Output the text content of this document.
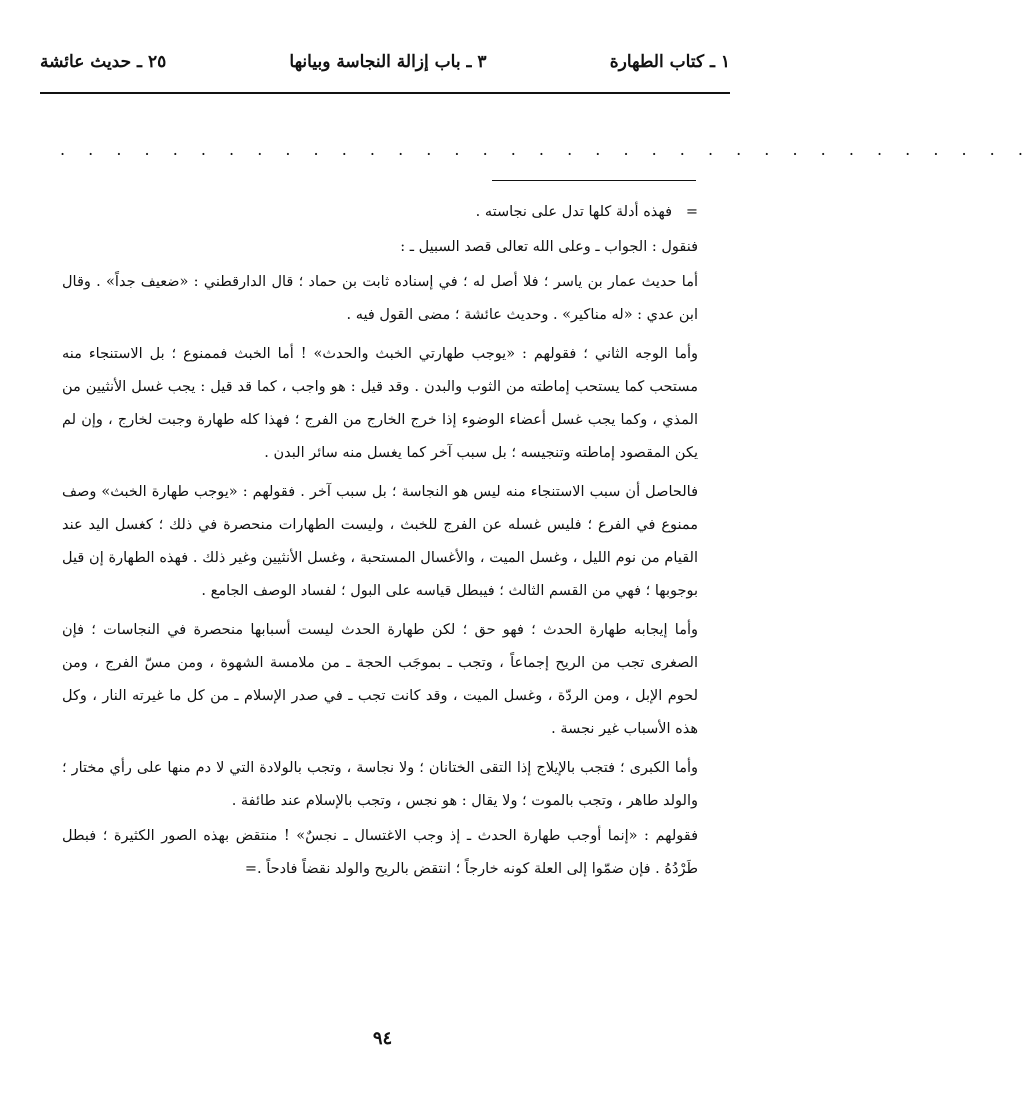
١ ـ كتاب الطهارة
٣ ـ باب إزالة النجاسة وبيانها
٢٥ ـ حديث عائشة
. . . . . . . . . . . . . . . . . . . . . . . . . . . . . . . . . . .

=   فهذه أدلة كلها تدل على نجاسته .

فنقول : الجواب ـ وعلى الله تعالى قصد السبيل ـ :

أما حديث عمار بن ياسر ؛ فلا أصل له ؛ في إسناده ثابت بن حماد ؛ قال الدارقطني : «ضعيف جداً» . وقال ابن عدي : «له مناكير» . وحديث عائشة ؛ مضى القول فيه .

وأما الوجه الثاني ؛ فقولهم : «يوجب طهارتي الخبث والحدث» ! أما الخبث فممنوع ؛ بل الاستنجاء منه مستحب كما يستحب إماطته من الثوب والبدن . وقد قيل : هو واجب ، كما قد قيل : يجب غسل الأنثيين من المذي ، وكما يجب غسل أعضاء الوضوء إذا خرج الخارج من الفرج ؛ فهذا كله طهارة وجبت لخارج ، وإن لم يكن المقصود إماطته وتنجيسه ؛ بل سبب آخر كما يغسل منه سائر البدن .

فالحاصل أن سبب الاستنجاء منه ليس هو النجاسة ؛ بل سبب آخر . فقولهم : «يوجب طهارة الخبث» وصف ممنوع في الفرع ؛ فليس غسله عن الفرج للخبث ، وليست الطهارات منحصرة في ذلك ؛ كغسل اليد عند القيام من نوم الليل ، وغسل الميت ، والأغسال المستحبة ، وغسل الأنثيين وغير ذلك . فهذه الطهارة إن قيل بوجوبها ؛ فهي من القسم الثالث ؛ فيبطل قياسه على البول ؛ لفساد الوصف الجامع .

وأما إيجابه طهارة الحدث ؛ فهو حق ؛ لكن طهارة الحدث ليست أسبابها منحصرة في النجاسات ؛ فإن الصغرى تجب من الريح إجماعاً ، وتجب ـ بموجَب الحجة ـ من ملامسة الشهوة ، ومن مسّ الفرج ، ومن لحوم الإبل ، ومن الردّة ، وغسل الميت ، وقد كانت تجب ـ في صدر الإسلام ـ من كل ما غيرته النار ، وكل هذه الأسباب غير نجسة .

وأما الكبرى ؛ فتجب بالإيلاج إذا التقى الختانان ؛ ولا نجاسة ، وتجب بالولادة التي لا دم منها على رأي مختار ؛ والولد طاهر ، وتجب بالموت ؛ ولا يقال : هو نجس ، وتجب بالإسلام عند طائفة .

فقولهم : «إنما أوجب طهارة الحدث ـ إذ وجب الاغتسال ـ نجسٌ» ! منتقض بهذه الصور الكثيرة ؛ فبطل طَرْدُهُ . فإن ضمّوا إلى العلة كونه خارجاً ؛ انتقض بالريح والولد نقضاً فادحاً .=

٩٤
